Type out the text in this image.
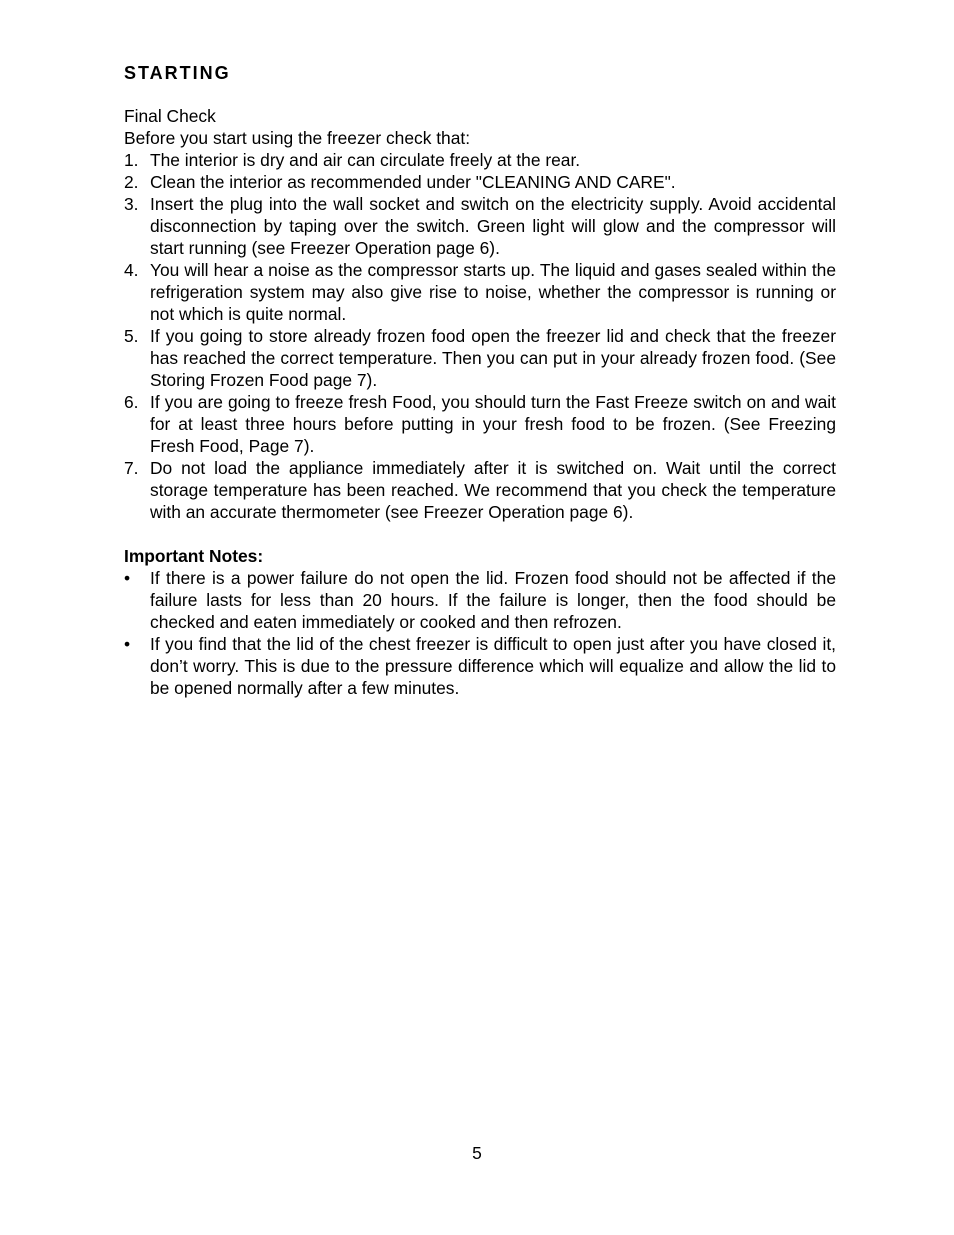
STARTING
Final Check
Before you start using the freezer check that:
1. The interior is dry and air can circulate freely at the rear.
2. Clean the interior as recommended under "CLEANING AND CARE".
3. Insert the plug into the wall socket and switch on the electricity supply. Avoid accidental disconnection by taping over the switch. Green light will glow and the compressor will start running (see Freezer Operation page 6).
4. You will hear a noise as the compressor starts up. The liquid and gases sealed within the refrigeration system may also give rise to noise, whether the compressor is running or not which is quite normal.
5. If you going to store already frozen food open the freezer lid and check that the freezer has reached the correct temperature. Then you can put in your already frozen food. (See Storing Frozen Food page 7).
6. If you are going to freeze fresh Food, you should turn the Fast Freeze switch on and wait for at least three hours before putting in your fresh food to be frozen. (See Freezing Fresh Food, Page 7).
7. Do not load the appliance immediately after it is switched on. Wait until the correct storage temperature has been reached. We recommend that you check the temperature with an accurate thermometer (see Freezer Operation page 6).
Important Notes:
•	If there is a power failure do not open the lid. Frozen food should not be affected if the failure lasts for less than 20 hours. If the failure is longer, then the food should be checked and eaten immediately or cooked and then refrozen.
•	If you find that the lid of the chest freezer is difficult to open just after you have closed it, don’t worry. This is due to the pressure difference which will equalize and allow the lid to be opened normally after a few minutes.
5
